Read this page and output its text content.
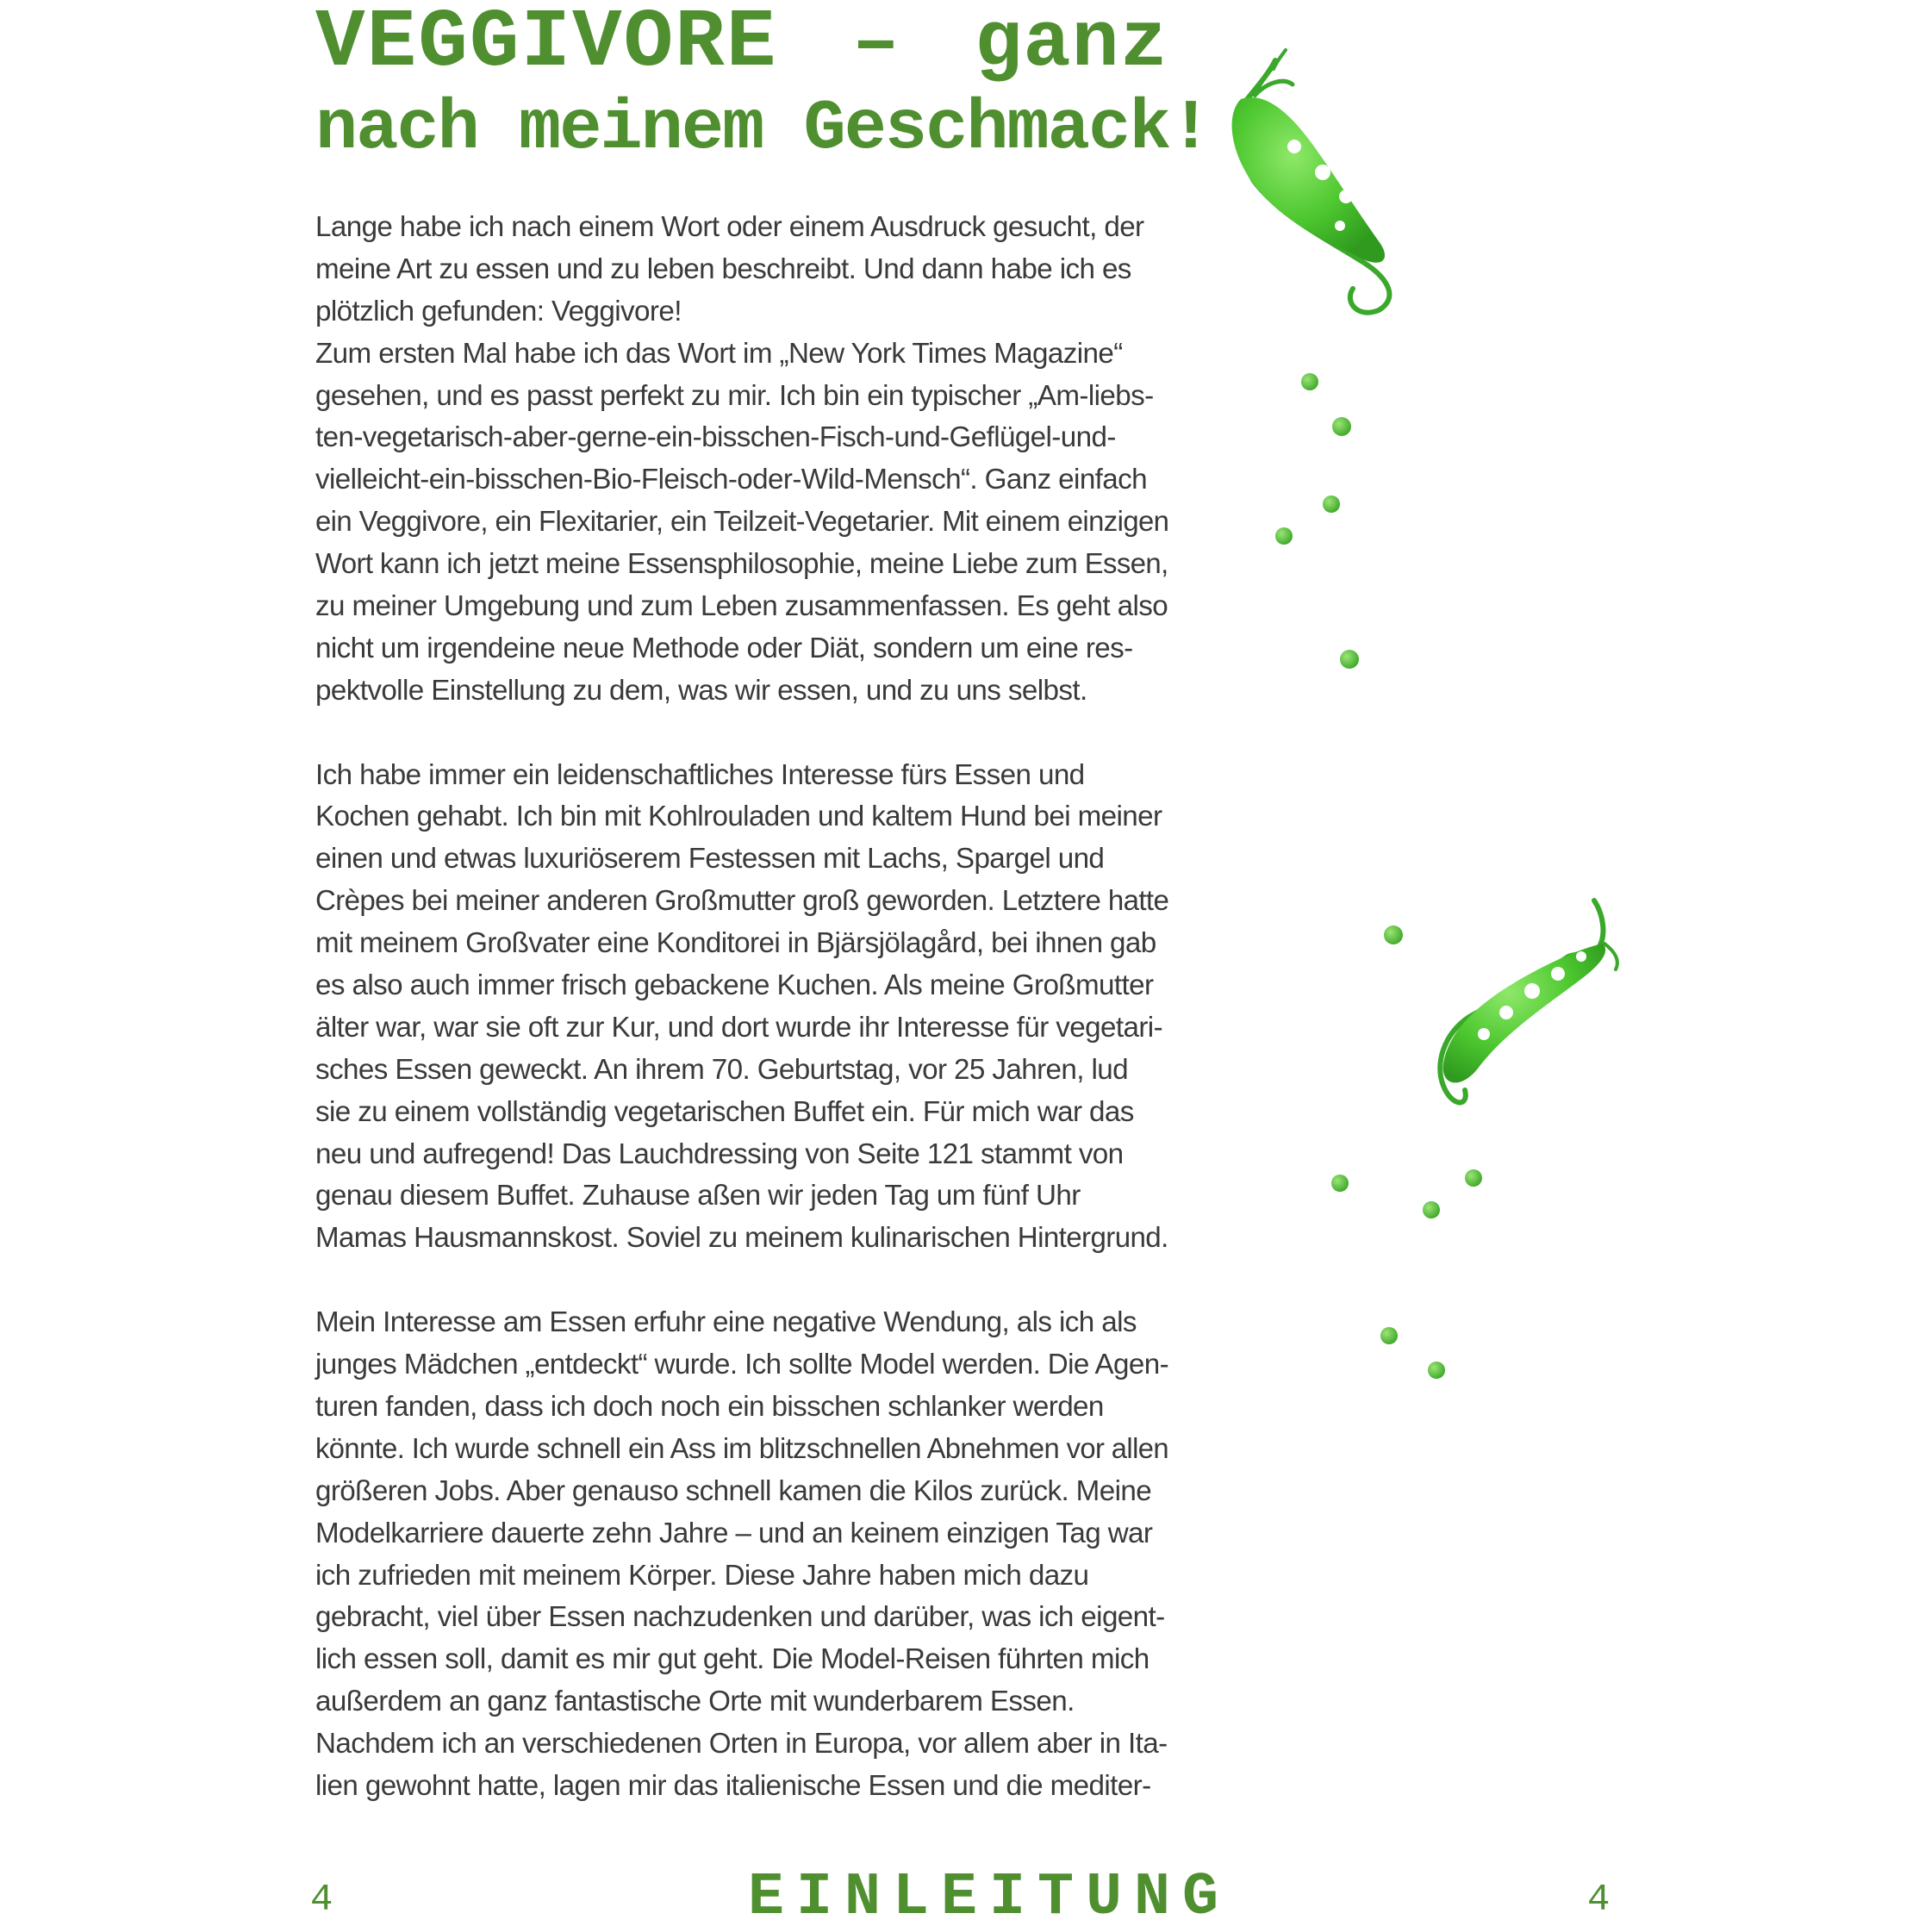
VEGGIVORE – ganz
nach meinem Geschmack!

Lange habe ich nach einem Wort oder einem Ausdruck gesucht, der
meine Art zu essen und zu leben beschreibt. Und dann habe ich es
plötzlich gefunden: Veggivore!
Zum ersten Mal habe ich das Wort im „New York Times Magazine“
gesehen, und es passt perfekt zu mir. Ich bin ein typischer „Am-liebs-
ten-vegetarisch-aber-gerne-ein-bisschen-Fisch-und-Geflügel-und-
vielleicht-ein-bisschen-Bio-Fleisch-oder-Wild-Mensch“. Ganz einfach
ein Veggivore, ein Flexitarier, ein Teilzeit-Vegetarier. Mit einem einzigen
Wort kann ich jetzt meine Essensphilosophie, meine Liebe zum Essen,
zu meiner Umgebung und zum Leben zusammenfassen. Es geht also
nicht um irgendeine neue Methode oder Diät, sondern um eine res-
pektvolle Einstellung zu dem, was wir essen, und zu uns selbst.

Ich habe immer ein leidenschaftliches Interesse fürs Essen und
Kochen gehabt. Ich bin mit Kohlrouladen und kaltem Hund bei meiner
einen und etwas luxuriöserem Festessen mit Lachs, Spargel und
Crèpes bei meiner anderen Großmutter groß geworden. Letztere hatte
mit meinem Großvater eine Konditorei in Bjärsjölagård, bei ihnen gab
es also auch immer frisch gebackene Kuchen. Als meine Großmutter
älter war, war sie oft zur Kur, und dort wurde ihr Interesse für vegetari-
sches Essen geweckt. An ihrem 70. Geburtstag, vor 25 Jahren, lud
sie zu einem vollständig vegetarischen Buffet ein. Für mich war das
neu und aufregend! Das Lauchdressing von Seite 121 stammt von
genau diesem Buffet. Zuhause aßen wir jeden Tag um fünf Uhr
Mamas Hausmannskost. Soviel zu meinem kulinarischen Hintergrund.

Mein Interesse am Essen erfuhr eine negative Wendung, als ich als
junges Mädchen „entdeckt“ wurde. Ich sollte Model werden. Die Agen-
turen fanden, dass ich doch noch ein bisschen schlanker werden
könnte. Ich wurde schnell ein Ass im blitzschnellen Abnehmen vor allen
größeren Jobs. Aber genauso schnell kamen die Kilos zurück. Meine
Modelkarriere dauerte zehn Jahre – und an keinem einzigen Tag war
ich zufrieden mit meinem Körper. Diese Jahre haben mich dazu
gebracht, viel über Essen nachzudenken und darüber, was ich eigent-
lich essen soll, damit es mir gut geht. Die Model-Reisen führten mich
außerdem an ganz fantastische Orte mit wunderbarem Essen.
Nachdem ich an verschiedenen Orten in Europa, vor allem aber in Ita-
lien gewohnt hatte, lagen mir das italienische Essen und die mediter-

4	EINLEITUNG	4
